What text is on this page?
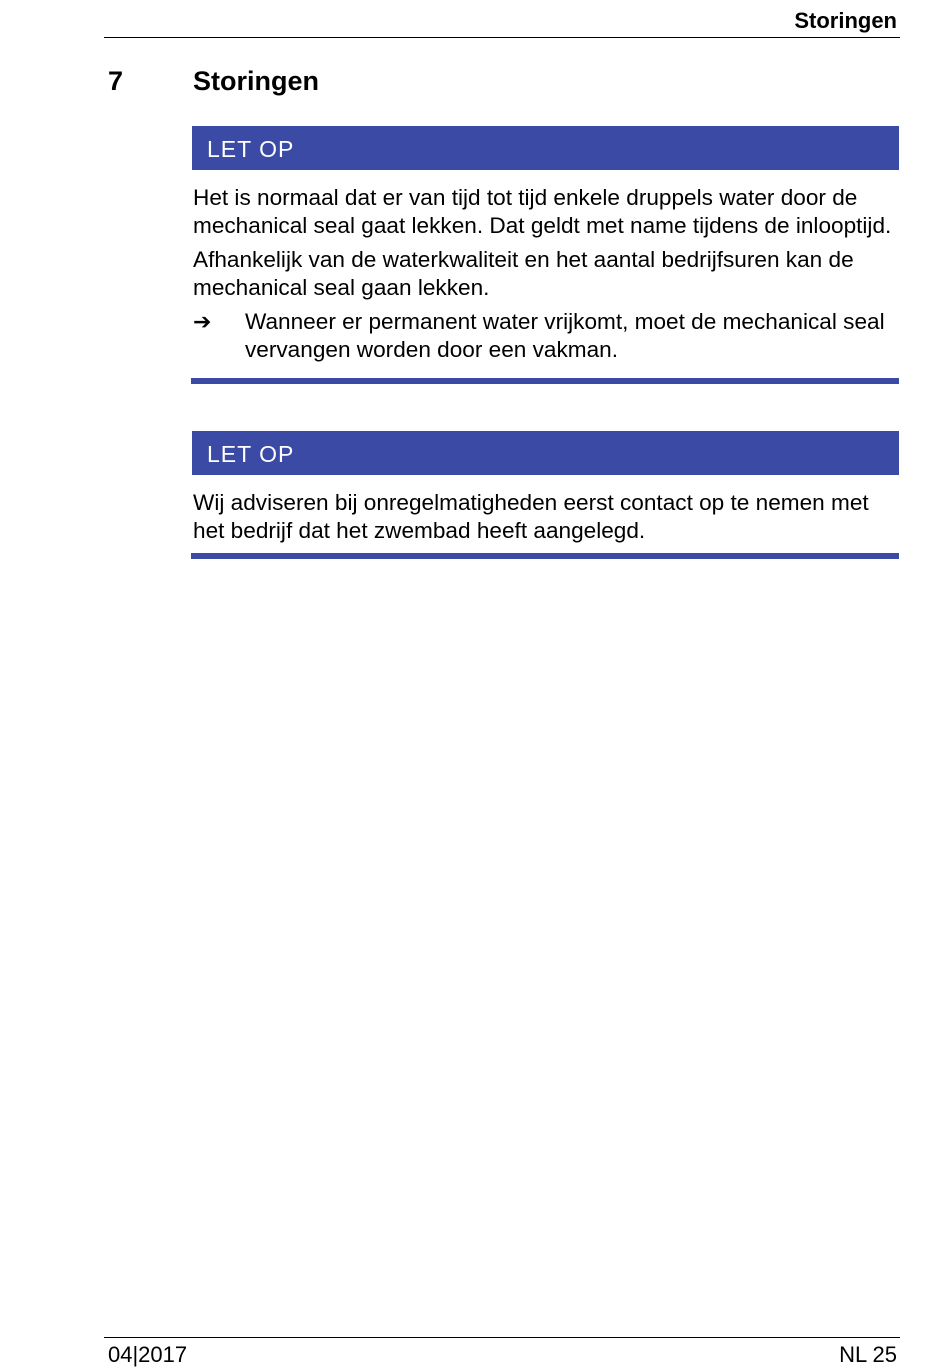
Storingen
7	Storingen
LET OP

Het is normaal dat er van tijd tot tijd enkele druppels water door de mechanical seal gaat lekken. Dat geldt met name tijdens de inlooptijd.

Afhankelijk van de waterkwaliteit en het aantal bedrijfsuren kan de mechanical seal gaan lekken.

➔	Wanneer er permanent water vrijkomt, moet de mechanical seal vervangen worden door een vakman.
LET OP

Wij adviseren bij onregelmatigheden eerst contact op te nemen met het bedrijf dat het zwembad heeft aangelegd.

04|2017	NL 25
